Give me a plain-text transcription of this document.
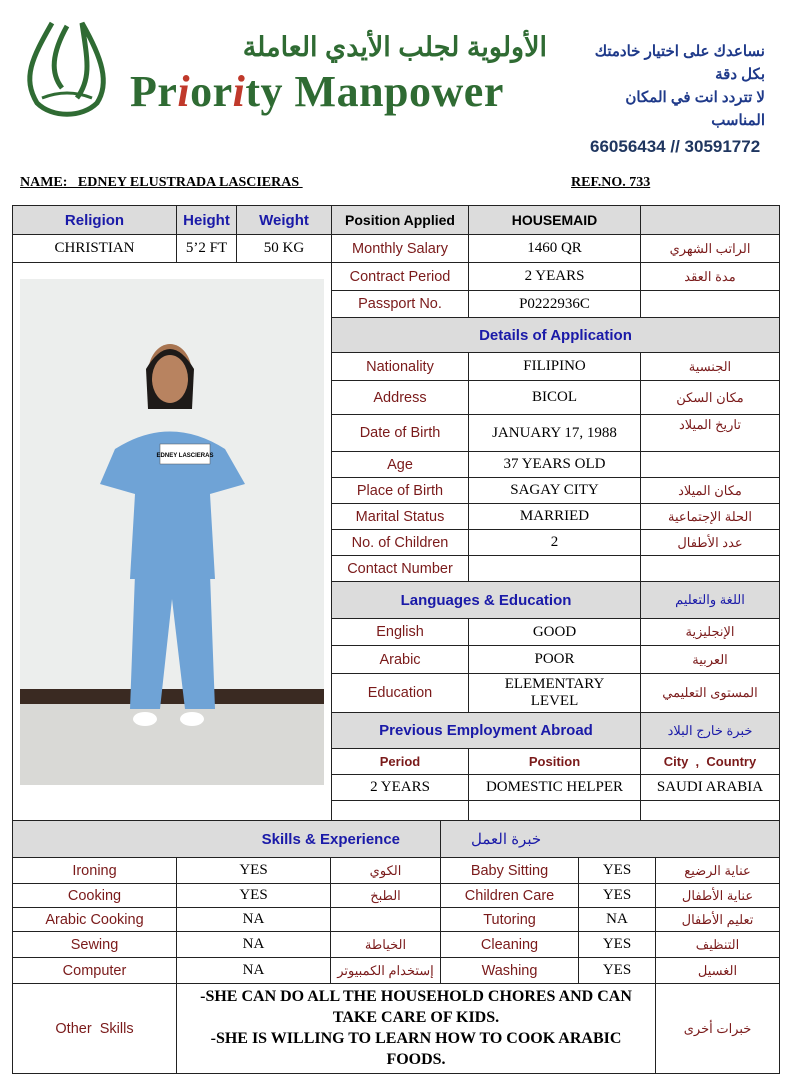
الأولوية لجلب الأيدي العاملة
Priority Manpower
نساعدك على اختيار خادمتك بكل دقة
لا تتردد انت في المكان المناسب
66056434 // 30591772
NAME:   EDNEY ELUSTRADA LASCIERAS	REF.NO. 733
Religion	Height	Weight	Position Applied	HOUSEMAID	
CHRISTIAN	5’2 FT	50 KG	Monthly Salary	1460 QR	الراتب الشهري

EDNEY LASCIERAS			Contract Period	2 YEARS	مدة العقد
			Passport No.	P0222936C	
			Details of Application		
			Nationality	FILIPINO	الجنسية
			Address	BICOL	مكان السكن
			Date of Birth	JANUARY 17, 1988	تاريخ الميلاد
			Age	37 YEARS OLD	
			Place of Birth	SAGAY CITY	مكان الميلاد
			Marital Status	MARRIED	الحلة الإجتماعية
			No. of Children	2	عدد الأطفال
			Contact Number		
			Languages & Education		اللغة والتعليم
			English	GOOD	الإنجليزية
			Arabic	POOR	العربية
			Education	ELEMENTARY LEVEL	المستوى التعليمي
			Previous Employment Abroad		خبرة خارج البلاد
			Period	Position	City  ,  Country
			2 YEARS	DOMESTIC HELPER	SAUDI ARABIA

Skills & Experience			خبرة العمل		
Ironing	YES	الكوي	Baby Sitting	YES	عناية الرضيع
Cooking	YES	الطبخ	Children Care	YES	عناية الأطفال
Arabic Cooking	NA		Tutoring	NA	تعليم الأطفال
Sewing	NA	الخياطة	Cleaning	YES	التنظيف
Computer	NA	إستخدام الكمبيوتر	Washing	YES	الغسيل
Other  Skills	-SHE CAN DO ALL THE HOUSEHOLD CHORES AND CAN TAKE CARE OF KIDS.
-SHE IS WILLING TO LEARN HOW TO COOK ARABIC FOODS.				خبرات أخرى
